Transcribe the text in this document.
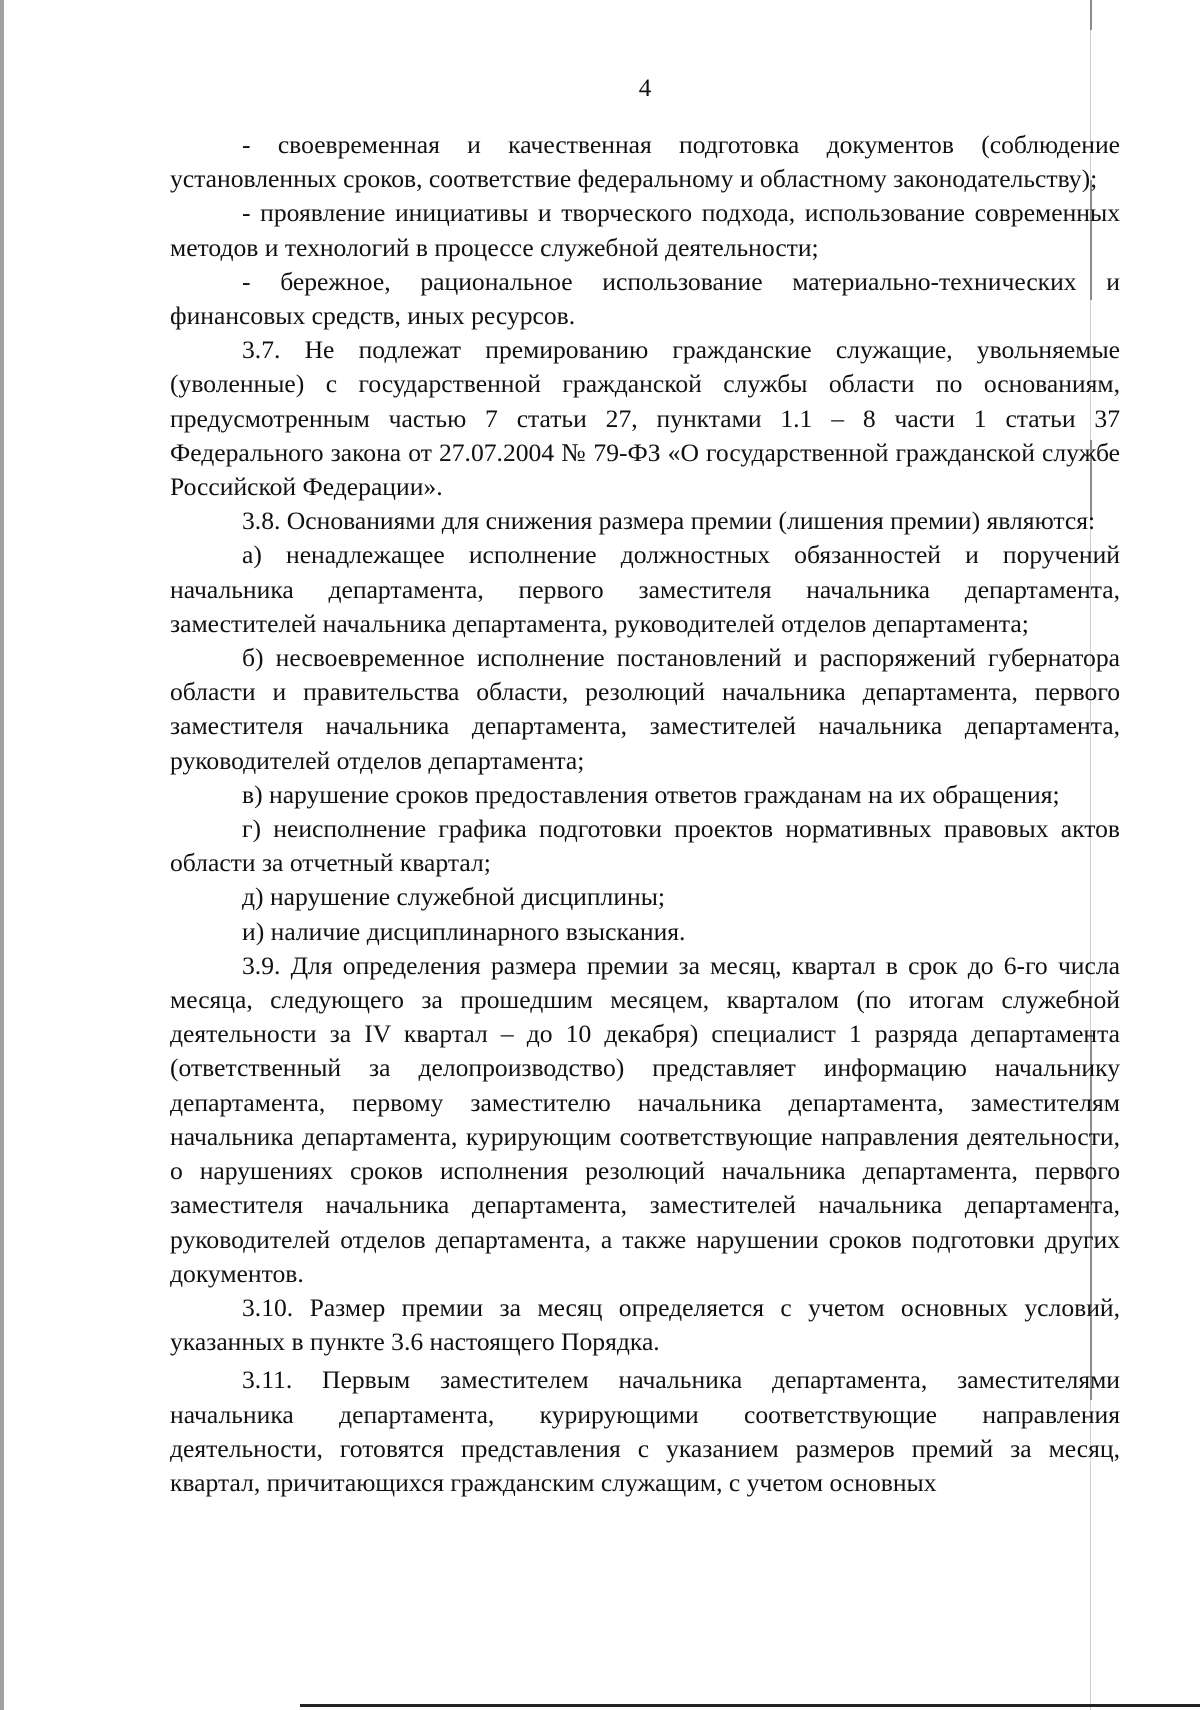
4

- своевременная и качественная подготовка документов (соблюдение установленных сроков, соответствие федеральному и областному законодательству);

- проявление инициативы и творческого подхода, использование современных методов и технологий в процессе служебной деятельности;

- бережное, рациональное использование материально-технических и финансовых средств, иных ресурсов.

3.7. Не подлежат премированию гражданские служащие, увольняемые (уволенные) с государственной гражданской службы области по основаниям, предусмотренным частью 7 статьи 27, пунктами 1.1 – 8 части 1 статьи 37 Федерального закона от 27.07.2004 № 79-ФЗ «О государственной гражданской службе Российской Федерации».

3.8. Основаниями для снижения размера премии (лишения премии) являются:

а) ненадлежащее исполнение должностных обязанностей и поручений начальника департамента, первого заместителя начальника департамента, заместителей начальника департамента, руководителей отделов департамента;

б) несвоевременное исполнение постановлений и распоряжений губернатора области и правительства области, резолюций начальника департамента, первого заместителя начальника департамента, заместителей начальника департамента, руководителей отделов департамента;

в) нарушение сроков предоставления ответов гражданам на их обращения;

г) неисполнение графика подготовки проектов нормативных правовых актов области за отчетный квартал;

д) нарушение служебной дисциплины;

и) наличие дисциплинарного взыскания.

3.9. Для определения размера премии за месяц, квартал в срок до 6-го числа месяца, следующего за прошедшим месяцем, кварталом (по итогам служебной деятельности за IV квартал – до 10 декабря) специалист 1 разряда департамента (ответственный за делопроизводство) представляет информацию начальнику департамента, первому заместителю начальника департамента, заместителям начальника департамента, курирующим соответствующие направления деятельности, о нарушениях сроков исполнения резолюций начальника департамента, первого заместителя начальника департамента, заместителей начальника департамента, руководителей отделов департамента, а также нарушении сроков подготовки других документов.

3.10. Размер премии за месяц определяется с учетом основных условий, указанных в пункте 3.6 настоящего Порядка.

3.11. Первым заместителем начальника департамента, заместителями начальника департамента, курирующими соответствующие направления деятельности, готовятся представления с указанием размеров премий за месяц, квартал, причитающихся гражданским служащим, с учетом основных
